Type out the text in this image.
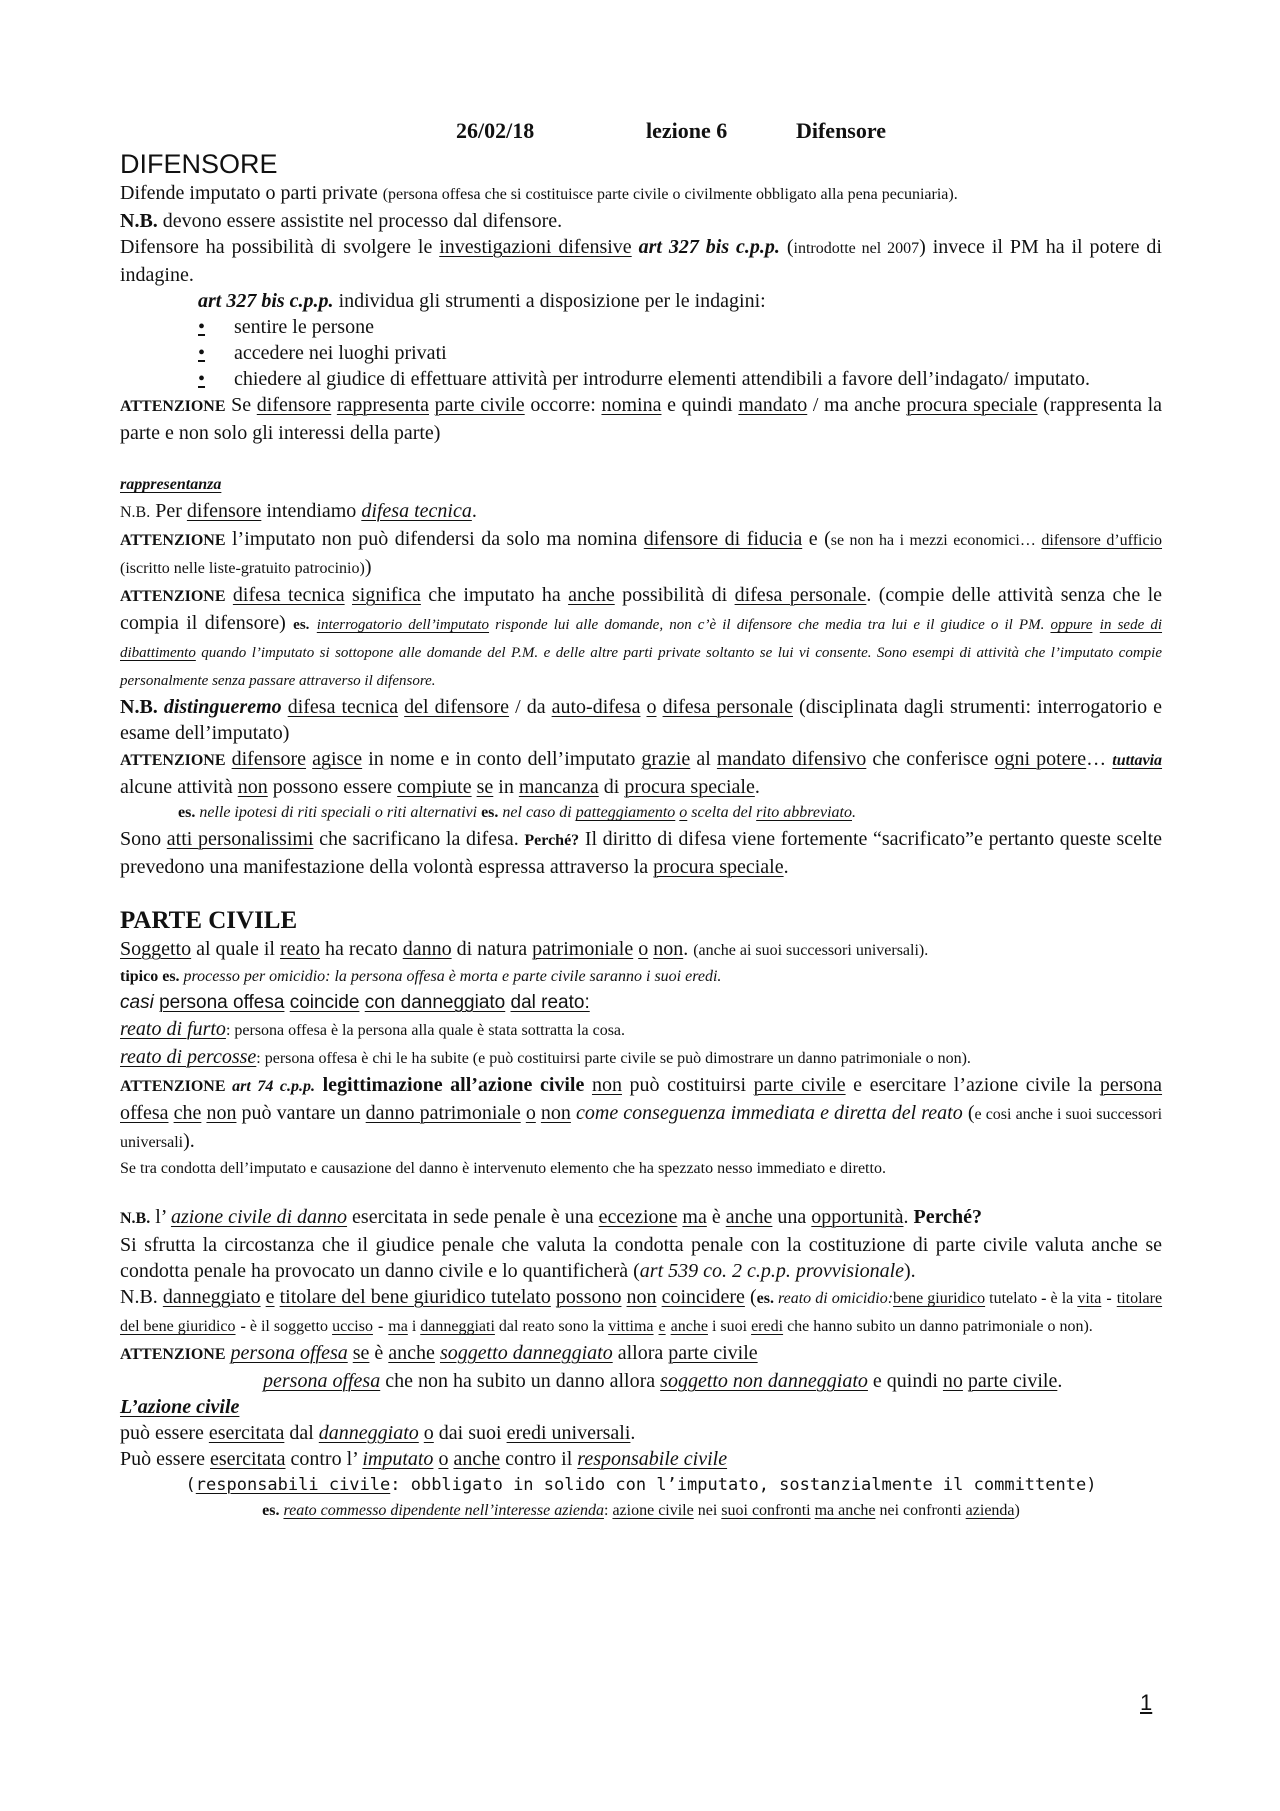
26/02/18	lezione 6	Difensore
DIFENSORE

Difende imputato o parti private (persona offesa che si costituisce parte civile o civilmente obbligato alla pena pecuniaria).

N.B. devono essere assistite nel processo dal difensore.

Difensore ha possibilità di svolgere le investigazioni difensive art 327 bis c.p.p. (introdotte nel 2007) invece il PM ha il potere di indagine.

art 327 bis c.p.p. individua gli strumenti a disposizione per le indagini:

•	sentire le persone
•	accedere nei luoghi privati
•	chiedere al giudice di effettuare attività per introdurre elementi attendibili a favore dell’indagato/ imputato.

ATTENZIONE Se difensore rappresenta parte civile occorre: nomina e quindi mandato / ma anche procura speciale (rappresenta la parte e non solo gli interessi della parte)

rappresentanza

N.B. Per difensore intendiamo difesa tecnica.

ATTENZIONE l’imputato non può difendersi da solo ma nomina difensore di fiducia e (se non ha i mezzi economici… difensore d’ufficio (iscritto nelle liste-gratuito patrocinio))

ATTENZIONE difesa tecnica significa che imputato ha anche possibilità di difesa personale. (compie delle attività senza che le compia il difensore) es. interrogatorio dell’imputato risponde lui alle domande, non c’è il difensore che media tra lui e il giudice o il PM. oppure in sede di dibattimento quando l’imputato si sottopone alle domande del P.M. e delle altre parti private soltanto se lui vi consente. Sono esempi di attività che l’imputato compie personalmente senza passare attraverso il difensore.

N.B. distingueremo difesa tecnica del difensore / da auto-difesa o difesa personale (disciplinata dagli strumenti: interrogatorio e esame dell’imputato)

ATTENZIONE difensore agisce in nome e in conto dell’imputato grazie al mandato difensivo che conferisce ogni potere… tuttavia alcune attività non possono essere compiute se in mancanza di procura speciale.

es. nelle ipotesi di riti speciali o riti alternativi es. nel caso di patteggiamento o scelta del rito abbreviato.

Sono atti personalissimi che sacrificano la difesa. Perché? Il diritto di difesa viene fortemente “sacrificato”e pertanto queste scelte prevedono una manifestazione della volontà espressa attraverso la procura speciale.

PARTE CIVILE

Soggetto al quale il reato ha recato danno di natura patrimoniale o non. (anche ai suoi successori universali).

tipico es. processo per omicidio: la persona offesa è morta e parte civile saranno i suoi eredi.

casi persona offesa coincide con danneggiato dal reato:

reato di furto: persona offesa è la persona alla quale è stata sottratta la cosa.

reato di percosse: persona offesa è chi le ha subite (e può costituirsi parte civile se può dimostrare un danno patrimoniale o non).

ATTENZIONE art 74 c.p.p. legittimazione all’azione civile non può costituirsi parte civile e esercitare l’azione civile la persona offesa che non può vantare un danno patrimoniale o non come conseguenza immediata e diretta del reato (e cosi anche i suoi successori universali).

Se tra condotta dell’imputato e causazione del danno è intervenuto elemento che ha spezzato nesso immediato e diretto.

N.B. l’ azione civile di danno esercitata in sede penale è una eccezione ma è anche una opportunità. Perché?

Si sfrutta la circostanza che il giudice penale che valuta la condotta penale con la costituzione di parte civile valuta anche se condotta penale ha provocato un danno civile e lo quantificherà (art 539 co. 2 c.p.p. provvisionale).

N.B. danneggiato e titolare del bene giuridico tutelato possono non coincidere (es. reato di omicidio:bene giuridico tutelato - è la vita - titolare del bene giuridico - è il soggetto ucciso - ma i danneggiati dal reato sono la vittima e anche i suoi eredi che hanno subito un danno patrimoniale o non).

ATTENZIONE persona offesa se è anche soggetto danneggiato allora parte civile

persona offesa che non ha subito un danno allora soggetto non danneggiato e quindi no parte civile.

L’azione civile

può essere esercitata dal danneggiato o dai suoi eredi universali.

Può essere esercitata contro l’ imputato o anche contro il responsabile civile

(responsabili civile: obbligato in solido con l’imputato, sostanzialmente il committente)

es. reato commesso dipendente nell’interesse azienda: azione civile nei suoi confronti ma anche nei confronti azienda)

1
